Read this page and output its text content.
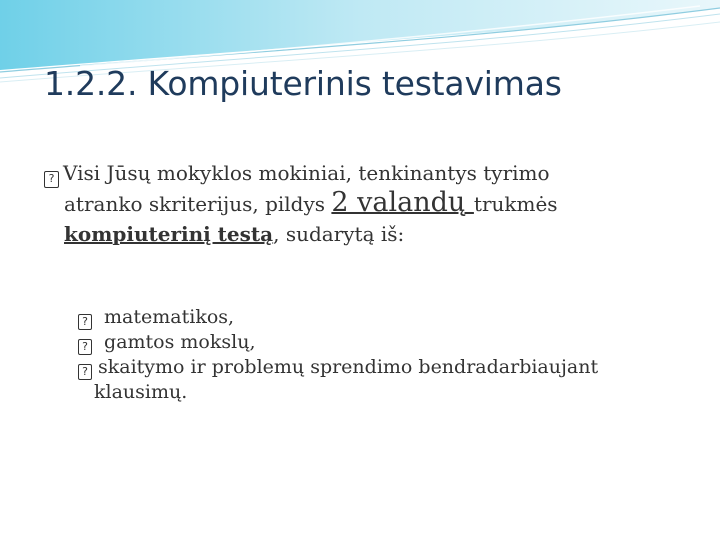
1.2.2. Kompiuterinis testavimas
? Visi Jūsų mokyklos mokiniai, tenkinantys tyrimo
atranko skriterijus, pildys 2 valandų trukmės
kompiuterinį testą, sudarytą iš:
? matematikos,
? gamtos mokslų,
? skaitymo ir problemų sprendimo bendradarbiaujant
klausimų.
